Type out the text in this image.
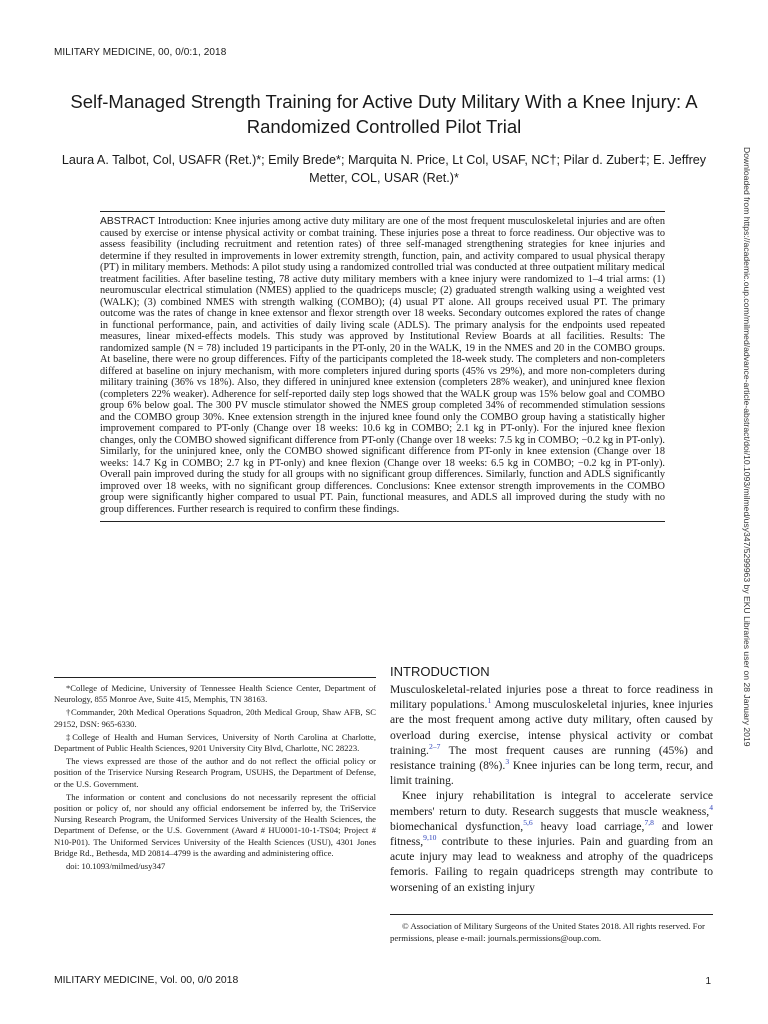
MILITARY MEDICINE, 00, 0/0:1, 2018
Self-Managed Strength Training for Active Duty Military With a Knee Injury: A Randomized Controlled Pilot Trial
Laura A. Talbot, Col, USAFR (Ret.)*; Emily Brede*; Marquita N. Price, Lt Col, USAF, NC†; Pilar d. Zuber‡; E. Jeffrey Metter, COL, USAR (Ret.)*

ABSTRACT Introduction: Knee injuries among active duty military are one of the most frequent musculoskeletal injuries and are often caused by exercise or intense physical activity or combat training. These injuries pose a threat to force readiness. Our objective was to assess feasibility (including recruitment and retention rates) of three self-managed strengthening strategies for knee injuries and determine if they resulted in improvements in lower extremity strength, function, pain, and activity compared to usual physical therapy (PT) in military members. Methods: A pilot study using a randomized controlled trial was conducted at three outpatient military medical treatment facilities. After baseline testing, 78 active duty military members with a knee injury were randomized to 1–4 trial arms: (1) neuromuscular electrical stimulation (NMES) applied to the quadriceps muscle; (2) graduated strength walking using a weighted vest (WALK); (3) combined NMES with strength walking (COMBO); (4) usual PT alone. All groups received usual PT. The primary outcome was the rates of change in knee extensor and flexor strength over 18 weeks. Secondary outcomes explored the rates of change in functional performance, pain, and activities of daily living scale (ADLS). The primary analysis for the endpoints used repeated measures, linear mixed-effects models. This study was approved by Institutional Review Boards at all facilities. Results: The randomized sample (N = 78) included 19 participants in the PT-only, 20 in the WALK, 19 in the NMES and 20 in the COMBO groups. At baseline, there were no group differences. Fifty of the participants completed the 18-week study. The completers and non-completers differed at baseline on injury mechanism, with more completers injured during sports (45% vs 29%), and more non-completers during military training (36% vs 18%). Also, they differed in uninjured knee extension (completers 28% weaker), and uninjured knee flexion (completers 22% weaker). Adherence for self-reported daily step logs showed that the WALK group was 15% below goal and COMBO group 6% below goal. The 300 PV muscle stimulator showed the NMES group completed 34% of recommended stimulation sessions and the COMBO group 30%. Knee extension strength in the injured knee found only the COMBO group having a statistically higher improvement compared to PT-only (Change over 18 weeks: 10.6 kg in COMBO; 2.1 kg in PT-only). For the injured knee flexion changes, only the COMBO showed significant difference from PT-only (Change over 18 weeks: 7.5 kg in COMBO; −0.2 kg in PT-only). Similarly, for the uninjured knee, only the COMBO showed significant difference from PT-only in knee extension (Change over 18 weeks: 14.7 Kg in COMBO; 2.7 kg in PT-only) and knee flexion (Change over 18 weeks: 6.5 kg in COMBO; −0.2 kg in PT-only). Overall pain improved during the study for all groups with no significant group differences. Similarly, function and ADLS significantly improved over 18 weeks, with no significant group differences. Conclusions: Knee extensor strength improvements in the COMBO group were significantly higher compared to usual PT. Pain, functional measures, and ADLS all improved during the study with no group differences. Further research is required to confirm these findings.	Downloaded from https://academic.oup.com/milmed/advance-article-abstract/doi/10.1093/milmed/usy347/5299963 by EKU Libraries user on 28 January 2019

*College of Medicine, University of Tennessee Health Science Center, Department of Neurology, 855 Monroe Ave, Suite 415, Memphis, TN 38163.

†Commander, 20th Medical Operations Squadron, 20th Medical Group, Shaw AFB, SC 29152, DSN: 965-6330.

‡College of Health and Human Services, University of North Carolina at Charlotte, Department of Public Health Sciences, 9201 University City Blvd, Charlotte, NC 28223.

The views expressed are those of the author and do not reflect the official policy or position of the Triservice Nursing Research Program, USUHS, the Department of Defense, or the U.S. Government.

The information or content and conclusions do not necessarily represent the official position or policy of, nor should any official endorsement be inferred by, the TriService Nursing Research Program, the Uniformed Services University of the Health Sciences, the Department of Defense, or the U.S. Government (Award # HU0001-10-1-TS04; Project # N10-P01). The Uniformed Services University of the Health Sciences (USU), 4301 Jones Bridge Rd., Bethesda, MD 20814–4799 is the awarding and administering office.

doi: 10.1093/milmed/usy347

INTRODUCTION

Musculoskeletal-related injuries pose a threat to force readiness in military populations.$^1$ Among musculoskeletal injuries, knee injuries are the most frequent among active duty military, often caused by overload during exercise, intense physical activity or combat training.$^{2-7}$ The most frequent causes are running (45%) and resistance training (8%).$^3$ Knee injuries can be long term, recur, and limit training.

Knee injury rehabilitation is integral to accelerate service members' return to duty. Research suggests that muscle weakness,$^4$ biomechanical dysfunction,$^{5,6}$ heavy load carriage,$^{7,8}$ and lower fitness,$^{9,10}$ contribute to these injuries. Pain and guarding from an acute injury may lead to weakness and atrophy of the quadriceps femoris. Failing to regain quadriceps strength may contribute to worsening of an existing injury

© Association of Military Surgeons of the United States 2018. All rights reserved. For permissions, please e-mail: journals.permissions@oup.com.
MILITARY MEDICINE, Vol. 00, 0/0 2018	1
